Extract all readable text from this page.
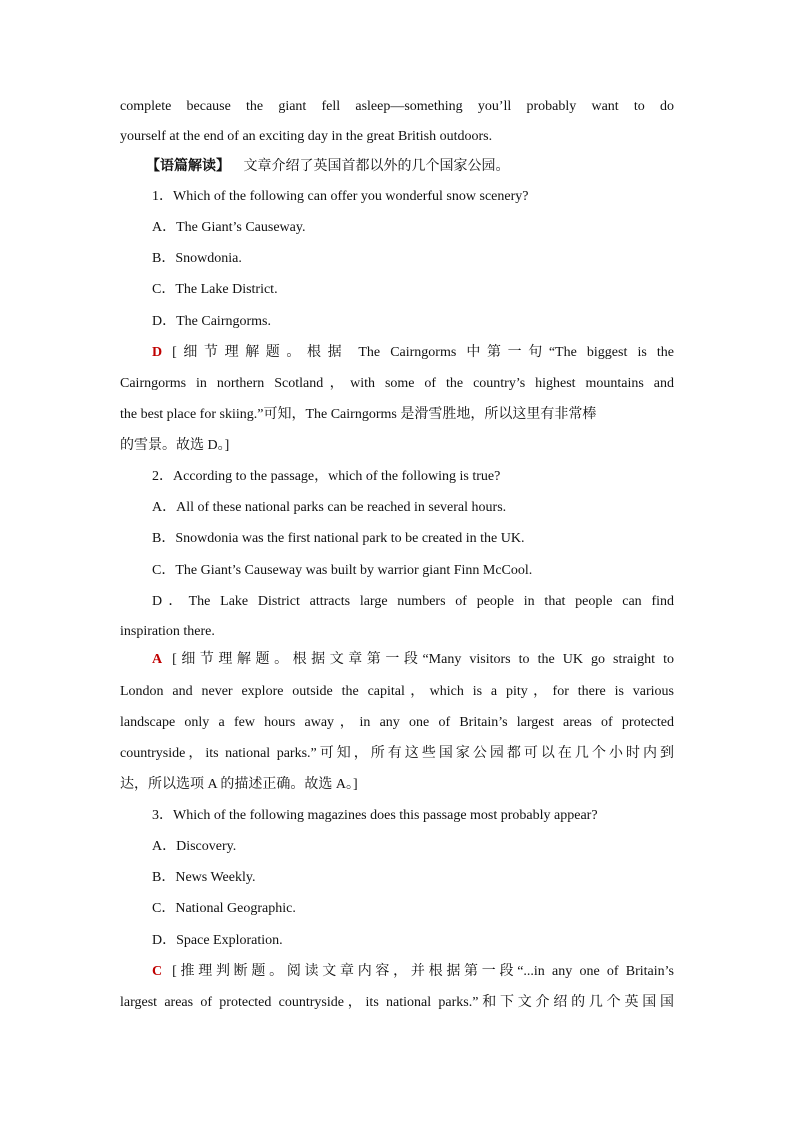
complete because the giant fell asleep—something you’ll probably want to do
yourself at the end of an exciting day in the great British outdoors.
【语篇解读】 文章介绍了英国首都以外的几个国家公园。
1．Which of the following can offer you wonderful snow scenery?
A．The Giant’s Causeway.
B．Snowdonia.
C．The Lake District.
D．The Cairngorms.
D [细节理解题。根据 The Cairngorms 中第一句“The biggest is the
Cairngorms in northern Scotland，with some of the country’s highest mountains and
the best place for skiing.”可知，The Cairngorms 是滑雪胜地，所以这里有非常棒
的雪景。故选 D。]
2．According to the passage，which of the following is true?
A．All of these national parks can be reached in several hours.
B．Snowdonia was the first national park to be created in the UK.
C．The Giant’s Causeway was built by warrior giant Finn McCool.
D．The Lake District attracts large numbers of people in that people can find
inspiration there.
A [细节理解题。根据文章第一段“Many visitors to the UK go straight to
London and never explore outside the capital，which is a pity，for there is various
landscape only a few hours away，in any one of Britain’s largest areas of protected
countryside，its national parks.”可知，所有这些国家公园都可以在几个小时内到
达，所以选项 A 的描述正确。故选 A。]
3．Which of the following magazines does this passage most probably appear?
A．Discovery.
B．News Weekly.
C．National Geographic.
D．Space Exploration.
C [推理判断题。阅读文章内容，并根据第一段“...in any one of Britain’s
largest areas of protected countryside，its national parks.”和下文介绍的几个英国国
